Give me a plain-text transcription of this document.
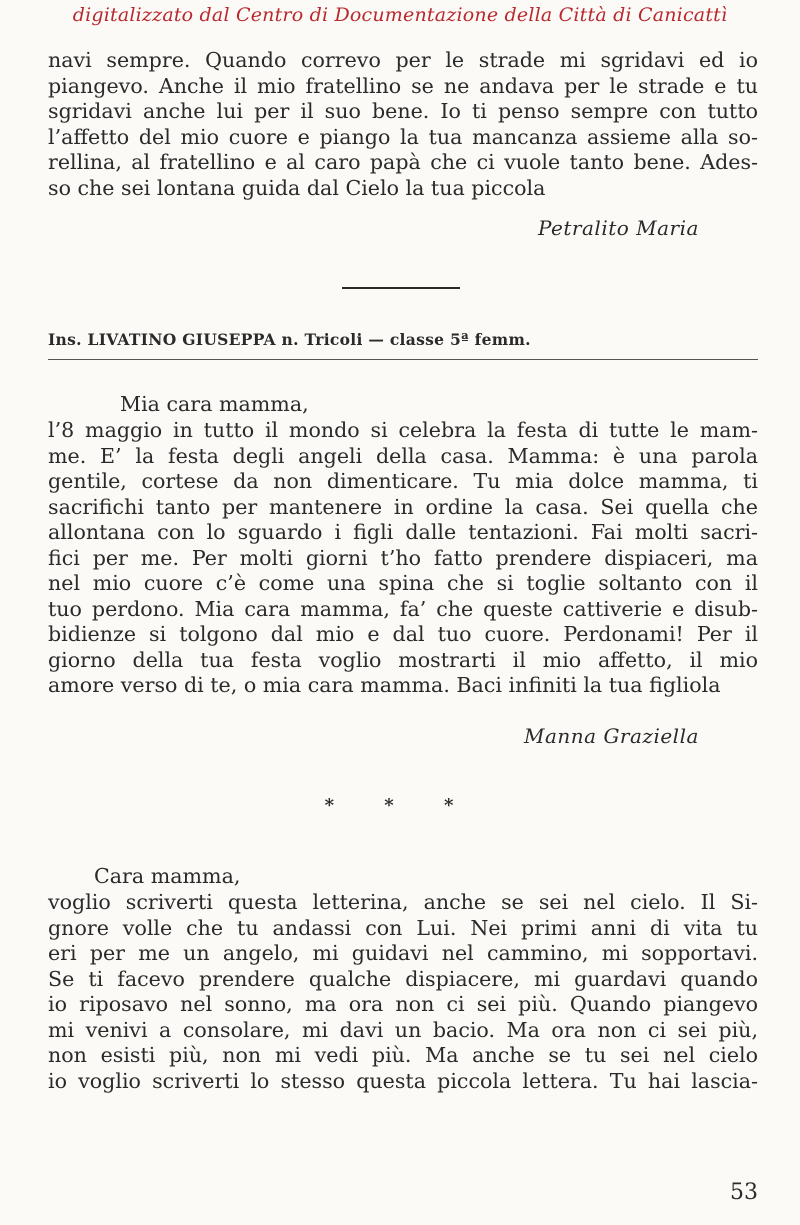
digitalizzato dal Centro di Documentazione della Città di Canicattì
navi sempre. Quando correvo per le strade mi sgridavi ed io
piangevo. Anche il mio fratellino se ne andava per le strade e tu
sgridavi anche lui per il suo bene. Io ti penso sempre con tutto
l’affetto del mio cuore e piango la tua mancanza assieme alla so-
rellina, al fratellino e al caro papà che ci vuole tanto bene. Ades-
so che sei lontana guida dal Cielo la tua piccola
Petralito Maria
Ins. LIVATINO GIUSEPPA n. Tricoli — classe 5ª femm.
Mia cara mamma,
l’8 maggio in tutto il mondo si celebra la festa di tutte le mam-
me. E’ la festa degli angeli della casa. Mamma: è una parola
gentile, cortese da non dimenticare. Tu mia dolce mamma, ti
sacrifichi tanto per mantenere in ordine la casa. Sei quella che
allontana con lo sguardo i figli dalle tentazioni. Fai molti sacri-
fici per me. Per molti giorni t’ho fatto prendere dispiaceri, ma
nel mio cuore c’è come una spina che si toglie soltanto con il
tuo perdono. Mia cara mamma, fa’ che queste cattiverie e disub-
bidienze si tolgono dal mio e dal tuo cuore. Perdonami! Per il
giorno della tua festa voglio mostrarti il mio affetto, il mio
amore verso di te, o mia cara mamma. Baci infiniti la tua figliola
Manna Graziella
* * *
Cara mamma,
voglio scriverti questa letterina, anche se sei nel cielo. Il Si-
gnore volle che tu andassi con Lui. Nei primi anni di vita tu
eri per me un angelo, mi guidavi nel cammino, mi sopportavi.
Se ti facevo prendere qualche dispiacere, mi guardavi quando
io riposavo nel sonno, ma ora non ci sei più. Quando piangevo
mi venivi a consolare, mi davi un bacio. Ma ora non ci sei più,
non esisti più, non mi vedi più. Ma anche se tu sei nel cielo
io voglio scriverti lo stesso questa piccola lettera. Tu hai lascia-
53
